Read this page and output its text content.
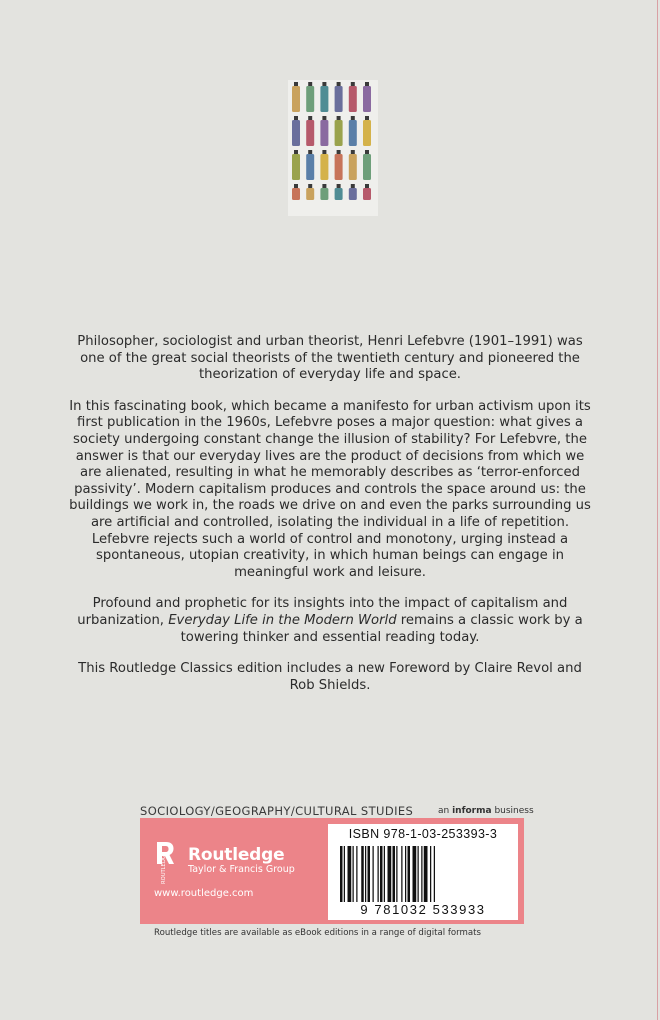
Philosopher, sociologist and urban theorist, Henri Lefebvre (1901–1991) was one of the great social theorists of the twentieth century and pioneered the theorization of everyday life and space.

In this fascinating book, which became a manifesto for urban activism upon its first publication in the 1960s, Lefebvre poses a major question: what gives a society undergoing constant change the illusion of stability? For Lefebvre, the answer is that our everyday lives are the product of decisions from which we are alienated, resulting in what he memorably describes as ‘terror-enforced passivity’. Modern capitalism produces and controls the space around us: the buildings we work in, the roads we drive on and even the parks surrounding us are artificial and controlled, isolating the individual in a life of repetition. Lefebvre rejects such a world of control and monotony, urging instead a spontaneous, utopian creativity, in which human beings can engage in meaningful work and leisure.

Profound and prophetic for its insights into the impact of capitalism and urbanization, Everyday Life in the Modern World remains a classic work by a towering thinker and essential reading today.

This Routledge Classics edition includes a new Foreword by Claire Revol and Rob Shields.

SOCIOLOGY/GEOGRAPHY/CULTURAL STUDIES	an informa business
ROUTLEDGE Routledge
Taylor & Francis Group
www.routledge.com
ISBN 978-1-03-253393-3
9 781032 533933
Routledge titles are available as eBook editions in a range of digital formats
